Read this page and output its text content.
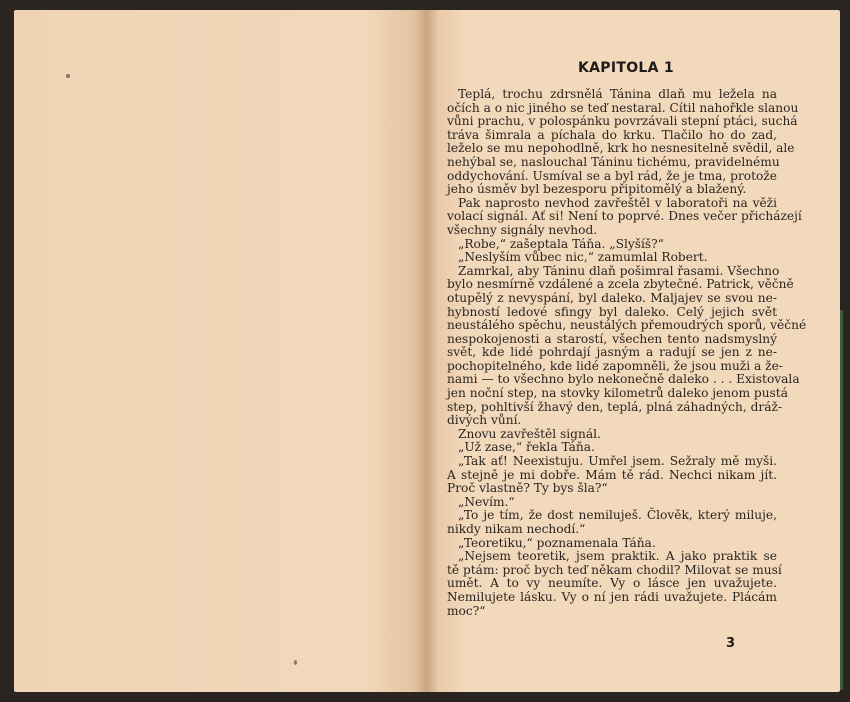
KAPITOLA 1
Teplá, trochu zdrsnělá Tánina dlaň mu ležela na
očích a o nic jiného se teď nestaral. Cítil nahořkle slanou
vůni prachu, v polospánku povrzávali stepní ptáci, suchá
tráva šimrala a píchala do krku. Tlačilo ho do zad,
leželo se mu nepohodlně, krk ho nesnesitelně svědil, ale
nehýbal se, naslouchal Táninu tichému, pravidelnému
oddychování. Usmíval se a byl rád, že je tma, protože
jeho úsměv byl bezesporu připitomělý a blažený.
Pak naprosto nevhod zavřeštěl v laboratoři na věži
volací signál. Ať si! Není to poprvé. Dnes večer přicházejí
všechny signály nevhod.
„Robe,“ zašeptala Táňa. „Slyšíš?“
„Neslyším vůbec nic,“ zamumlal Robert.
Zamrkal, aby Táninu dlaň pošimral řasami. Všechno
bylo nesmírně vzdálené a zcela zbytečné. Patrick, věčně
otupělý z nevyspání, byl daleko. Maljajev se svou ne-
hybností ledové sfingy byl daleko. Celý jejich svět
neustálého spěchu, neustálých přemoudrých sporů, věčné
nespokojenosti a starostí, všechen tento nadsmyslný
svět, kde lidé pohrdají jasným a radují se jen z ne-
pochopitelného, kde lidé zapomněli, že jsou muži a že-
nami — to všechno bylo nekonečně daleko . . . Existovala
jen noční step, na stovky kilometrů daleko jenom pustá
step, pohltivší žhavý den, teplá, plná záhadných, dráž-
divých vůní.
Znovu zavřeštěl signál.
„Už zase,“ řekla Táňa.
„Tak ať! Neexistuju. Umřel jsem. Sežraly mě myši.
A stejně je mi dobře. Mám tě rád. Nechci nikam jít.
Proč vlastně? Ty bys šla?“
„Nevím.“
„To je tím, že dost nemiluješ. Člověk, který miluje,
nikdy nikam nechodí.“
„Teoretiku,“ poznamenala Táňa.
„Nejsem teoretik, jsem praktik. A jako praktik se
tě ptám: proč bych teď někam chodil? Milovat se musí
umět. A to vy neumíte. Vy o lásce jen uvažujete.
Nemilujete lásku. Vy o ní jen rádi uvažujete. Plácám
moc?“
3
